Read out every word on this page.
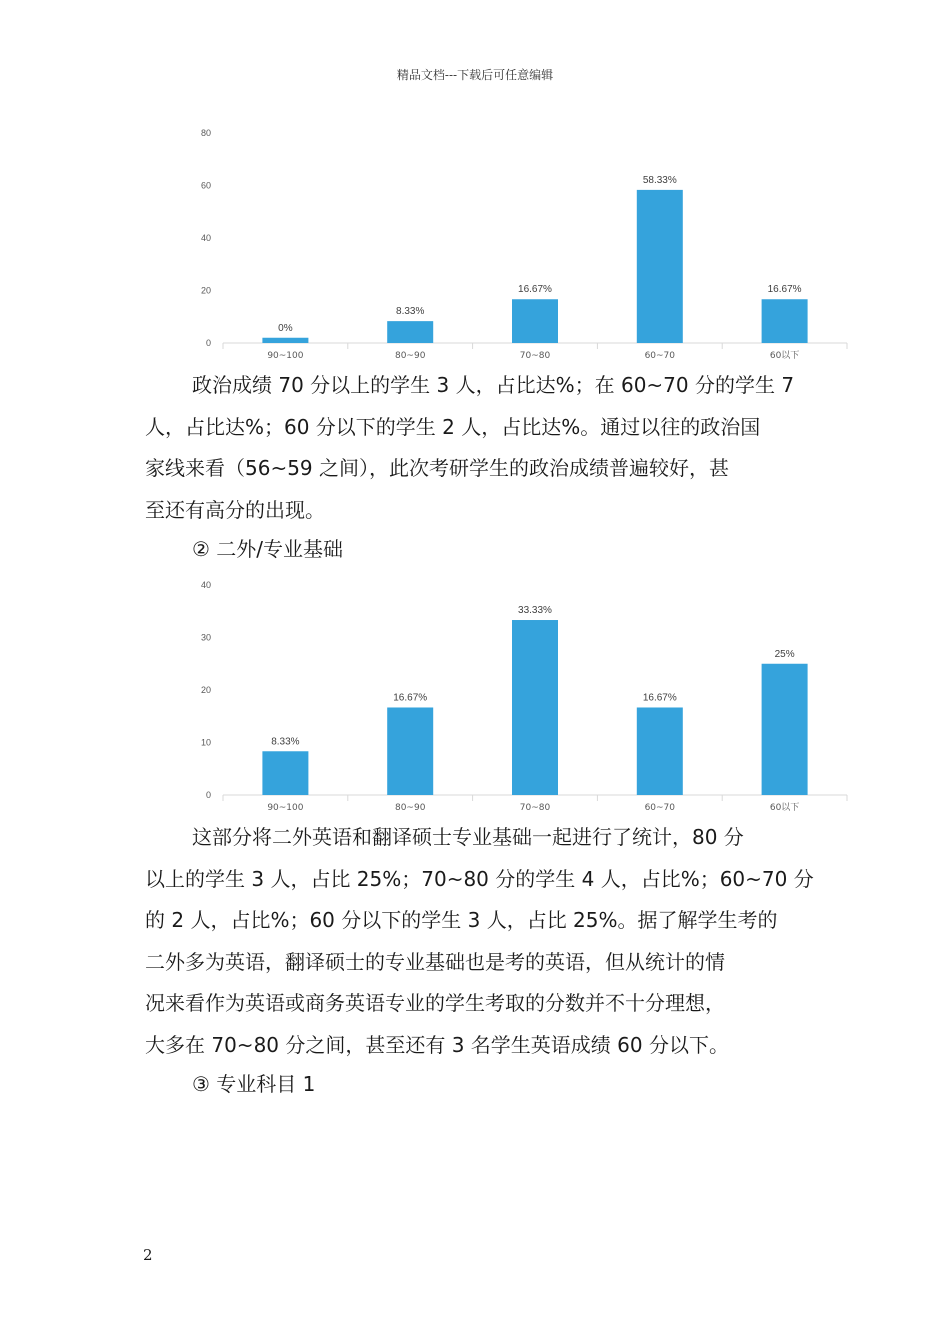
精品文档---下载后可任意编辑
0
20
40
60
80
0%
90~100
8.33%
80~90
16.67%
70~80
58.33%
60~70
16.67%
60以下

政治成绩 70 分以上的学生 3 人，占比达%；在 60~70 分的学生 7
人，占比达%；60 分以下的学生 2 人，占比达%。通过以往的政治国
家线来看（56~59 之间），此次考研学生的政治成绩普遍较好，甚
至还有高分的出现。

② 二外/专业基础

0
10
20
30
40
8.33%
90~100
16.67%
80~90
33.33%
70~80
16.67%
60~70
25%
60以下

这部分将二外英语和翻译硕士专业基础一起进行了统计，80 分
以上的学生 3 人，占比 25%；70~80 分的学生 4 人，占比%；60~70 分
的 2 人，占比%；60 分以下的学生 3 人，占比 25%。据了解学生考的
二外多为英语，翻译硕士的专业基础也是考的英语，但从统计的情
况来看作为英语或商务英语专业的学生考取的分数并不十分理想，
大多在 70~80 分之间，甚至还有 3 名学生英语成绩 60 分以下。

③ 专业科目 1

2
